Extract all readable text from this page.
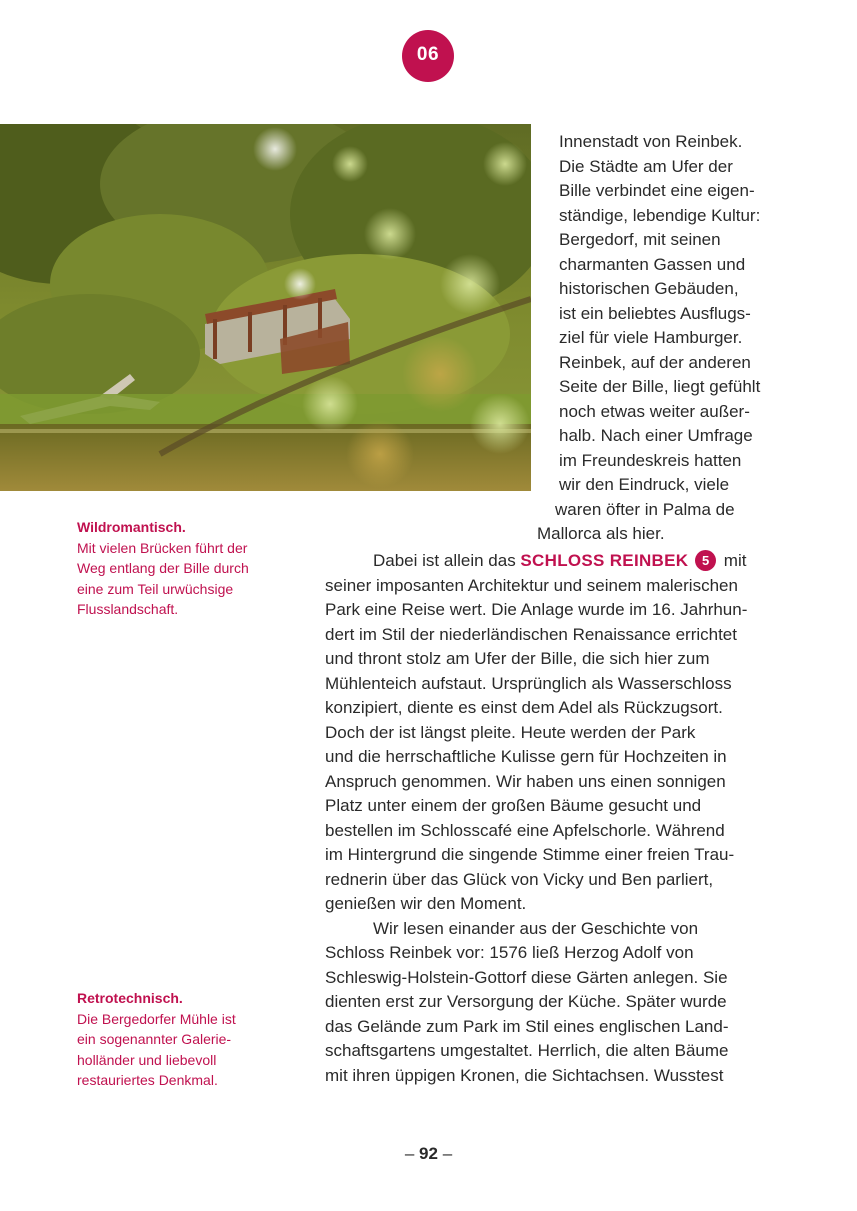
06
Innenstadt von Reinbek.
Die Städte am Ufer der
Bille verbindet eine eigen-
ständige, lebendige Kultur:
Bergedorf, mit seinen
charmanten Gassen und
historischen Gebäuden,
ist ein beliebtes Ausflugs-
ziel für viele Hamburger.
Reinbek, auf der anderen
Seite der Bille, liegt gefühlt
noch etwas weiter außer-
halb. Nach einer Umfrage
im Freundeskreis hatten
wir den Eindruck, viele
waren öfter in Palma de
Mallorca als hier.
Dabei ist allein das SCHLOSS REINBEK 5 mit
seiner imposanten Architektur und seinem malerischen
Park eine Reise wert. Die Anlage wurde im 16. Jahrhun-
dert im Stil der niederländischen Renaissance errichtet
und thront stolz am Ufer der Bille, die sich hier zum
Mühlenteich aufstaut. Ursprünglich als Wasserschloss
konzipiert, diente es einst dem Adel als Rückzugsort.
Doch der ist längst pleite. Heute werden der Park
und die herrschaftliche Kulisse gern für Hochzeiten in
Anspruch genommen. Wir haben uns einen sonnigen
Platz unter einem der großen Bäume gesucht und
bestellen im Schlosscafé eine Apfelschorle. Während
im Hintergrund die singende Stimme einer freien Trau-
rednerin über das Glück von Vicky und Ben parliert,
genießen wir den Moment.
Wir lesen einander aus der Geschichte von
Schloss Reinbek vor: 1576 ließ Herzog Adolf von
Schleswig-Holstein-Gottorf diese Gärten anlegen. Sie
dienten erst zur Versorgung der Küche. Später wurde
das Gelände zum Park im Stil eines englischen Land-
schaftsgartens umgestaltet. Herrlich, die alten Bäume
mit ihren üppigen Kronen, die Sichtachsen. Wusstest
Wildromantisch.
Mit vielen Brücken führt der
Weg entlang der Bille durch
eine zum Teil urwüchsige
Flusslandschaft.
Retrotechnisch.
Die Bergedorfer Mühle ist
ein sogenannter Galerie-
holländer und liebevoll
restauriertes Denkmal.
– 92 –
